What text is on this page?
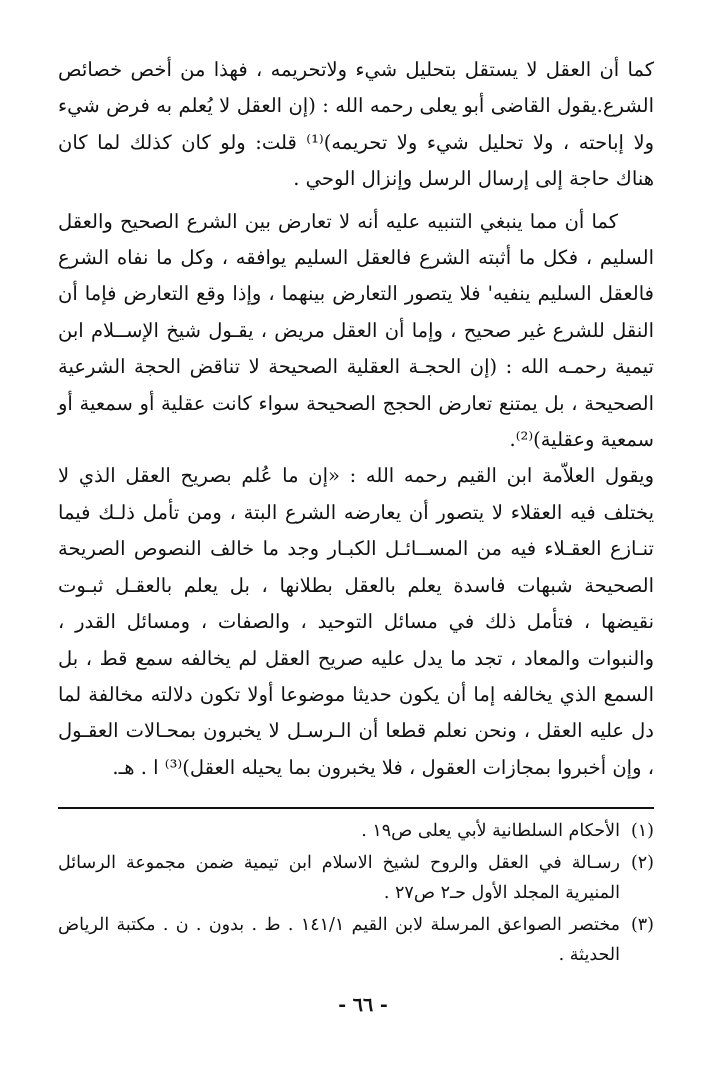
كما أن العقل لا يستقل بتحليل شيء ولاتحريمه ، فهذا من أخص خصائص الشرع.يقول القاضى أبو يعلى رحمه الله : (إن العقل لا يُعلم به فرض شيء ولا إباحته ، ولا تحليل شيء ولا تحريمه)⁽¹⁾ قلت: ولو كان كذلك لما كان هناك حاجة إلى إرسال الرسل وإنزال الوحي .

كما أن مما ينبغي التنبيه عليه أنه لا تعارض بين الشرع الصحيح والعقل السليم ، فكل ما أثبته الشرع فالعقل السليم يوافقه ، وكل ما نفاه الشرع فالعقل السليم ينفيه' فلا يتصور التعارض بينهما ، وإذا وقع التعارض فإما أن النقل للشرع غير صحيح ، وإما أن العقل مريض ، يقـول شيخ الإســلام ابن تيمية رحمـه الله : (إن الحجـة العقلية الصحيحة لا تناقض الحجة الشرعية الصحيحة ، بل يمتنع تعارض الحجج الصحيحة سواء كانت عقلية أو سمعية أو سمعية وعقلية)⁽²⁾.

ويقول العلاّمة ابن القيم رحمه الله : «إن ما عُلم بصريح العقل الذي لا يختلف فيه العقلاء لا يتصور أن يعارضه الشرع البتة ، ومن تأمل ذلـك فيما تنـازع العقـلاء فيه من المســائـل الكبـار وجد ما خالف النصوص الصريحة الصحيحة شبهات فاسدة يعلم بالعقل بطلانها ، بل يعلم بالعقـل ثبـوت نقيضها ، فتأمل ذلك في مسائل التوحيد ، والصفات ، ومسائل القدر ، والنبوات والمعاد ، تجد ما يدل عليه صريح العقل لم يخالفه سمع قط ، بل السمع الذي يخالفه إما أن يكون حديثا موضوعا أولا تكون دلالته مخالفة لما دل عليه العقل ، ونحن نعلم قطعا أن الـرسـل لا يخبرون بمحـالات العقـول ، وإن أخبروا بمجازات العقول ، فلا يخبرون بما يحيله العقل)⁽³⁾ ا . هـ.

(١)
الأحكام السلطانية لأبي يعلى ص١٩ .
(٢)
رسـالة في العقل والروح لشيخ الاسلام ابن تيمية ضمن مجموعة الرسائل المنيرية المجلد الأول حـ٢ ص٢٧ .
(٣)
مختصر الصواعق المرسلة لابن القيم ١٤١/١ . ط . بدون . ن . مكتبة الرياض الحديثة .
- ٦٦ -
